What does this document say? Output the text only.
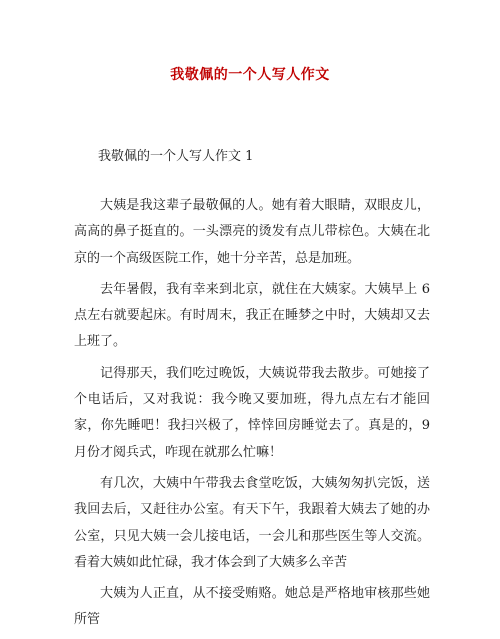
我敬佩的一个人写人作文
我敬佩的一个人写人作文 1

大姨是我这辈子最敬佩的人。她有着大眼睛，双眼皮儿，高高的鼻子挺直的。一头漂亮的烫发有点儿带棕色。大姨在北京的一个高级医院工作，她十分辛苦，总是加班。

去年暑假，我有幸来到北京，就住在大姨家。大姨早上 6 点左右就要起床。有时周末，我正在睡梦之中时，大姨却又去上班了。

记得那天，我们吃过晚饭，大姨说带我去散步。可她接了个电话后，又对我说：我今晚又要加班，得九点左右才能回家，你先睡吧！我扫兴极了，悻悻回房睡觉去了。真是的，9 月份才阅兵式，咋现在就那么忙嘛！

有几次，大姨中午带我去食堂吃饭，大姨匆匆扒完饭，送我回去后，又赶往办公室。有天下午，我跟着大姨去了她的办公室，只见大姨一会儿接电话，一会儿和那些医生等人交流。看着大姨如此忙碌，我才体会到了大姨多么辛苦

大姨为人正直，从不接受贿赂。她总是严格地审核那些她所管
